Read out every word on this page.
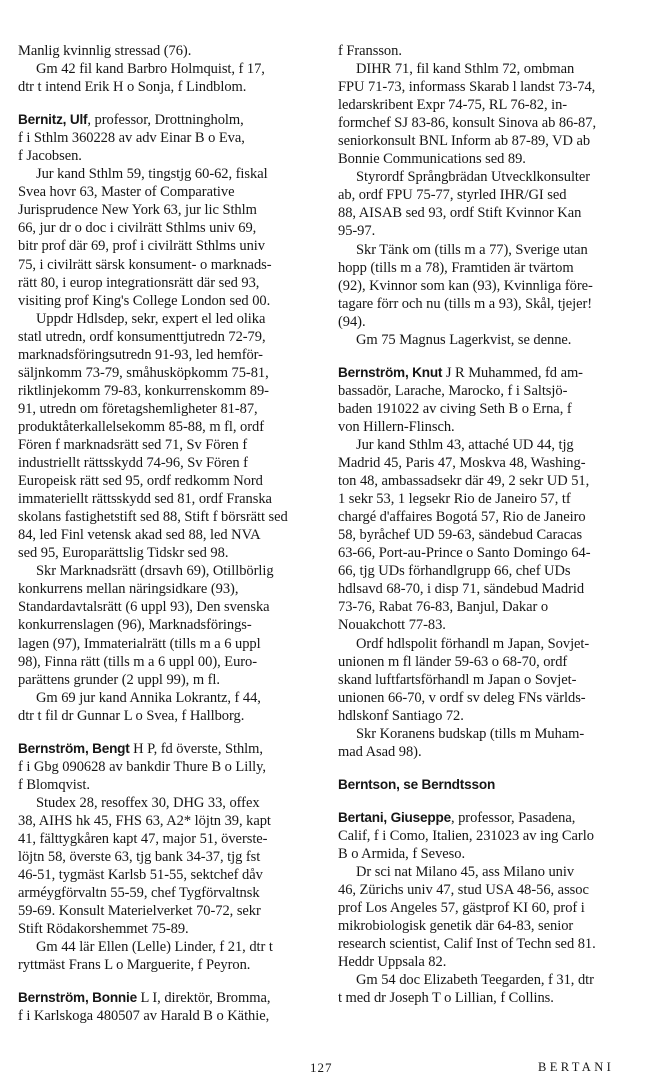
Manlig kvinnlig stressad (76).
Gm 42 fil kand Barbro Holmquist, f 17,
dtr t intend Erik H o Sonja, f Lindblom.
Bernitz, Ulf, professor, Drottningholm,
f i Sthlm 360228 av adv Einar B o Eva,
f Jacobsen.
Jur kand Sthlm 59, tingstjg 60-62, fiskal
Svea hovr 63, Master of Comparative
Jurisprudence New York 63, jur lic Sthlm
66, jur dr o doc i civilrätt Sthlms univ 69,
bitr prof där 69, prof i civilrätt Sthlms univ
75, i civilrätt särsk konsument- o marknads-
rätt 80, i europ integrationsrätt där sed 93,
visiting prof King's College London sed 00.
Uppdr Hdlsdep, sekr, expert el led olika
statl utredn, ordf konsumenttjutredn 72-79,
marknadsföringsutredn 91-93, led hemför-
säljnkomm 73-79, småhusköpkomm 75-81,
riktlinjekomm 79-83, konkurrenskomm 89-
91, utredn om företagshemligheter 81-87,
produktåterkallelsekomm 85-88, m fl, ordf
Fören f marknadsrätt sed 71, Sv Fören f
industriellt rättsskydd 74-96, Sv Fören f
Europeisk rätt sed 95, ordf redkomm Nord
immateriellt rättsskydd sed 81, ordf Franska
skolans fastighetstift sed 88, Stift f börsrätt sed
84, led Finl vetensk akad sed 88, led NVA
sed 95, Europarättslig Tidskr sed 98.
Skr Marknadsrätt (drsavh 69), Otillbörlig
konkurrens mellan näringsidkare (93),
Standardavtalsrätt (6 uppl 93), Den svenska
konkurrenslagen (96), Marknadsförings-
lagen (97), Immaterialrätt (tills m a 6 uppl
98), Finna rätt (tills m a 6 uppl 00), Euro-
parättens grunder (2 uppl 99), m fl.
Gm 69 jur kand Annika Lokrantz, f 44,
dtr t fil dr Gunnar L o Svea, f Hallborg.
Bernström, Bengt H P, fd överste, Sthlm,
f i Gbg 090628 av bankdir Thure B o Lilly,
f Blomqvist.
Studex 28, resoffex 30, DHG 33, offex
38, AIHS hk 45, FHS 63, A2* löjtn 39, kapt
41, fälttygkåren kapt 47, major 51, överste-
löjtn 58, överste 63, tjg bank 34-37, tjg fst
46-51, tygmäst Karlsb 51-55, sektchef dåv
arméygförvaltn 55-59, chef Tygförvaltnsk
59-69. Konsult Materielverket 70-72, sekr
Stift Rödakorshemmet 75-89.
Gm 44 lär Ellen (Lelle) Linder, f 21, dtr t
ryttmäst Frans L o Marguerite, f Peyron.
Bernström, Bonnie L I, direktör, Bromma,
f i Karlskoga 480507 av Harald B o Käthie,
f Fransson.
DIHR 71, fil kand Sthlm 72, ombman
FPU 71-73, informass Skarab l landst 73-74,
ledarskribent Expr 74-75, RL 76-82, in-
formchef SJ 83-86, konsult Sinova ab 86-87,
seniorkonsult BNL Inform ab 87-89, VD ab
Bonnie Communications sed 89.
Styrordf Språngbrädan Utvecklkonsulter
ab, ordf FPU 75-77, styrled IHR/GI sed
88, AISAB sed 93, ordf Stift Kvinnor Kan
95-97.
Skr Tänk om (tills m a 77), Sverige utan
hopp (tills m a 78), Framtiden är tvärtom
(92), Kvinnor som kan (93), Kvinnliga före-
tagare förr och nu (tills m a 93), Skål, tjejer!
(94).
Gm 75 Magnus Lagerkvist, se denne.
Bernström, Knut J R Muhammed, fd am-
bassadör, Larache, Marocko, f i Saltsjö-
baden 191022 av civing Seth B o Erna, f
von Hillern-Flinsch.
Jur kand Sthlm 43, attaché UD 44, tjg
Madrid 45, Paris 47, Moskva 48, Washing-
ton 48, ambassadsekr där 49, 2 sekr UD 51,
1 sekr 53, 1 legsekr Rio de Janeiro 57, tf
chargé d'affaires Bogotá 57, Rio de Janeiro
58, byråchef UD 59-63, sändebud Caracas
63-66, Port-au-Prince o Santo Domingo 64-
66, tjg UDs förhandlgrupp 66, chef UDs
hdlsavd 68-70, i disp 71, sändebud Madrid
73-76, Rabat 76-83, Banjul, Dakar o
Nouakchott 77-83.
Ordf hdlspolit förhandl m Japan, Sovjet-
unionen m fl länder 59-63 o 68-70, ordf
skand luftfartsförhandl m Japan o Sovjet-
unionen 66-70, v ordf sv deleg FNs världs-
hdlskonf Santiago 72.
Skr Koranens budskap (tills m Muham-
mad Asad 98).
Berntson, se Berndtsson
Bertani, Giuseppe, professor, Pasadena,
Calif, f i Como, Italien, 231023 av ing Carlo
B o Armida, f Seveso.
Dr sci nat Milano 45, ass Milano univ
46, Zürichs univ 47, stud USA 48-56, assoc
prof Los Angeles 57, gästprof KI 60, prof i
mikrobiologisk genetik där 64-83, senior
research scientist, Calif Inst of Techn sed 81.
Heddr Uppsala 82.
Gm 54 doc Elizabeth Teegarden, f 31, dtr
t med dr Joseph T o Lillian, f Collins.
127	BERTANI
